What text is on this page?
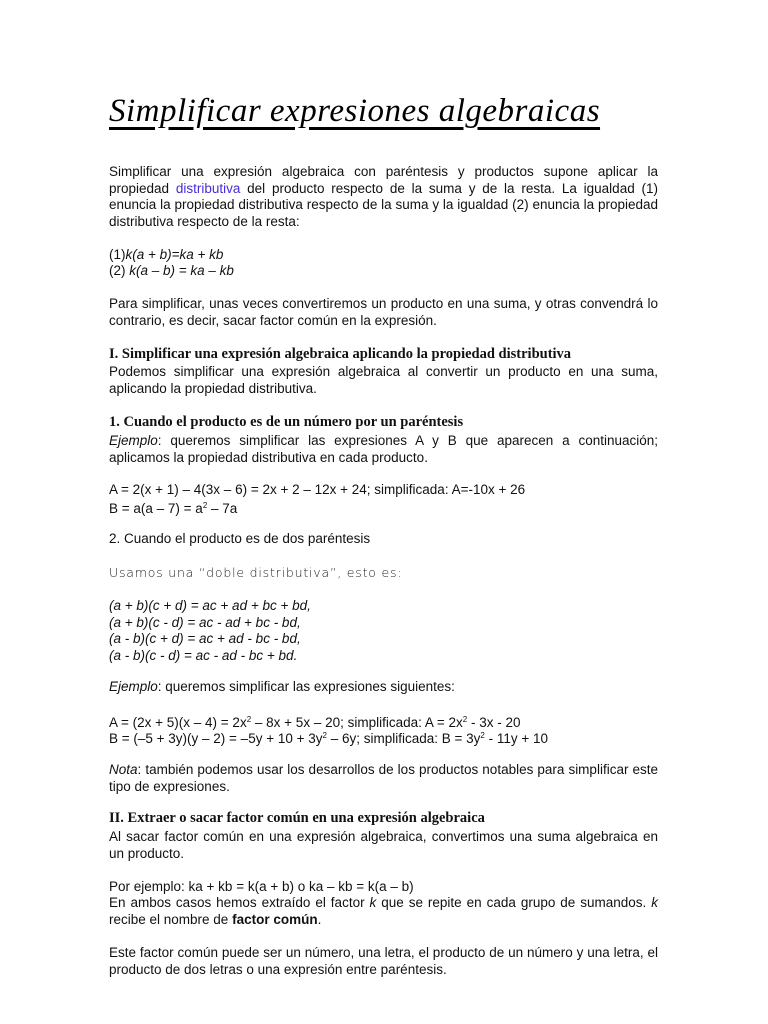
Simplificar expresiones algebraicas
Simplificar una expresión algebraica con paréntesis y productos supone aplicar la propiedad distributiva del producto respecto de la suma y de la resta. La igualdad (1) enuncia la propiedad distributiva respecto de la suma y la igualdad (2) enuncia la propiedad distributiva respecto de la resta:
(1)k(a + b)=ka + kb
(2) k(a – b) = ka – kb
Para simplificar, unas veces convertiremos un producto en una suma, y otras convendrá lo contrario, es decir, sacar factor común en la expresión.
I. Simplificar una expresión algebraica aplicando la propiedad distributiva
Podemos simplificar una expresión algebraica al convertir un producto en una suma, aplicando la propiedad distributiva.
1. Cuando el producto es de un número por un paréntesis
Ejemplo: queremos simplificar las expresiones A y B que aparecen a continuación; aplicamos la propiedad distributiva en cada producto.
A = 2(x + 1) – 4(3x – 6) = 2x + 2 – 12x + 24; simplificada: A=-10x + 26
$B = a(a - 7) = a^2 - 7a$
2. Cuando el producto es de dos paréntesis
Usamos una “doble distributiva”, esto es:
(a + b)(c + d) = ac + ad + bc + bd,
(a + b)(c - d) = ac - ad + bc - bd,
(a - b)(c + d) = ac + ad - bc - bd,
(a - b)(c - d) = ac - ad - bc + bd.
Ejemplo: queremos simplificar las expresiones siguientes:
$A = (2x + 5)(x - 4) = 2x^2 - 8x + 5x - 20$; simplificada: $A = 2x^2 - 3x - 20$
$B = (-5 + 3y)(y - 2) = -5y + 10 + 3y^2 - 6y$; simplificada: $B = 3y^2 - 11y + 10$
Nota: también podemos usar los desarrollos de los productos notables para simplificar este tipo de expresiones.
II. Extraer o sacar factor común en una expresión algebraica
Al sacar factor común en una expresión algebraica, convertimos una suma algebraica en un producto.
Por ejemplo: ka + kb = k(a + b) o ka – kb = k(a – b)
En ambos casos hemos extraído el factor k que se repite en cada grupo de sumandos. k recibe el nombre de factor común.
Este factor común puede ser un número, una letra, el producto de un número y una letra, el producto de dos letras o una expresión entre paréntesis.
